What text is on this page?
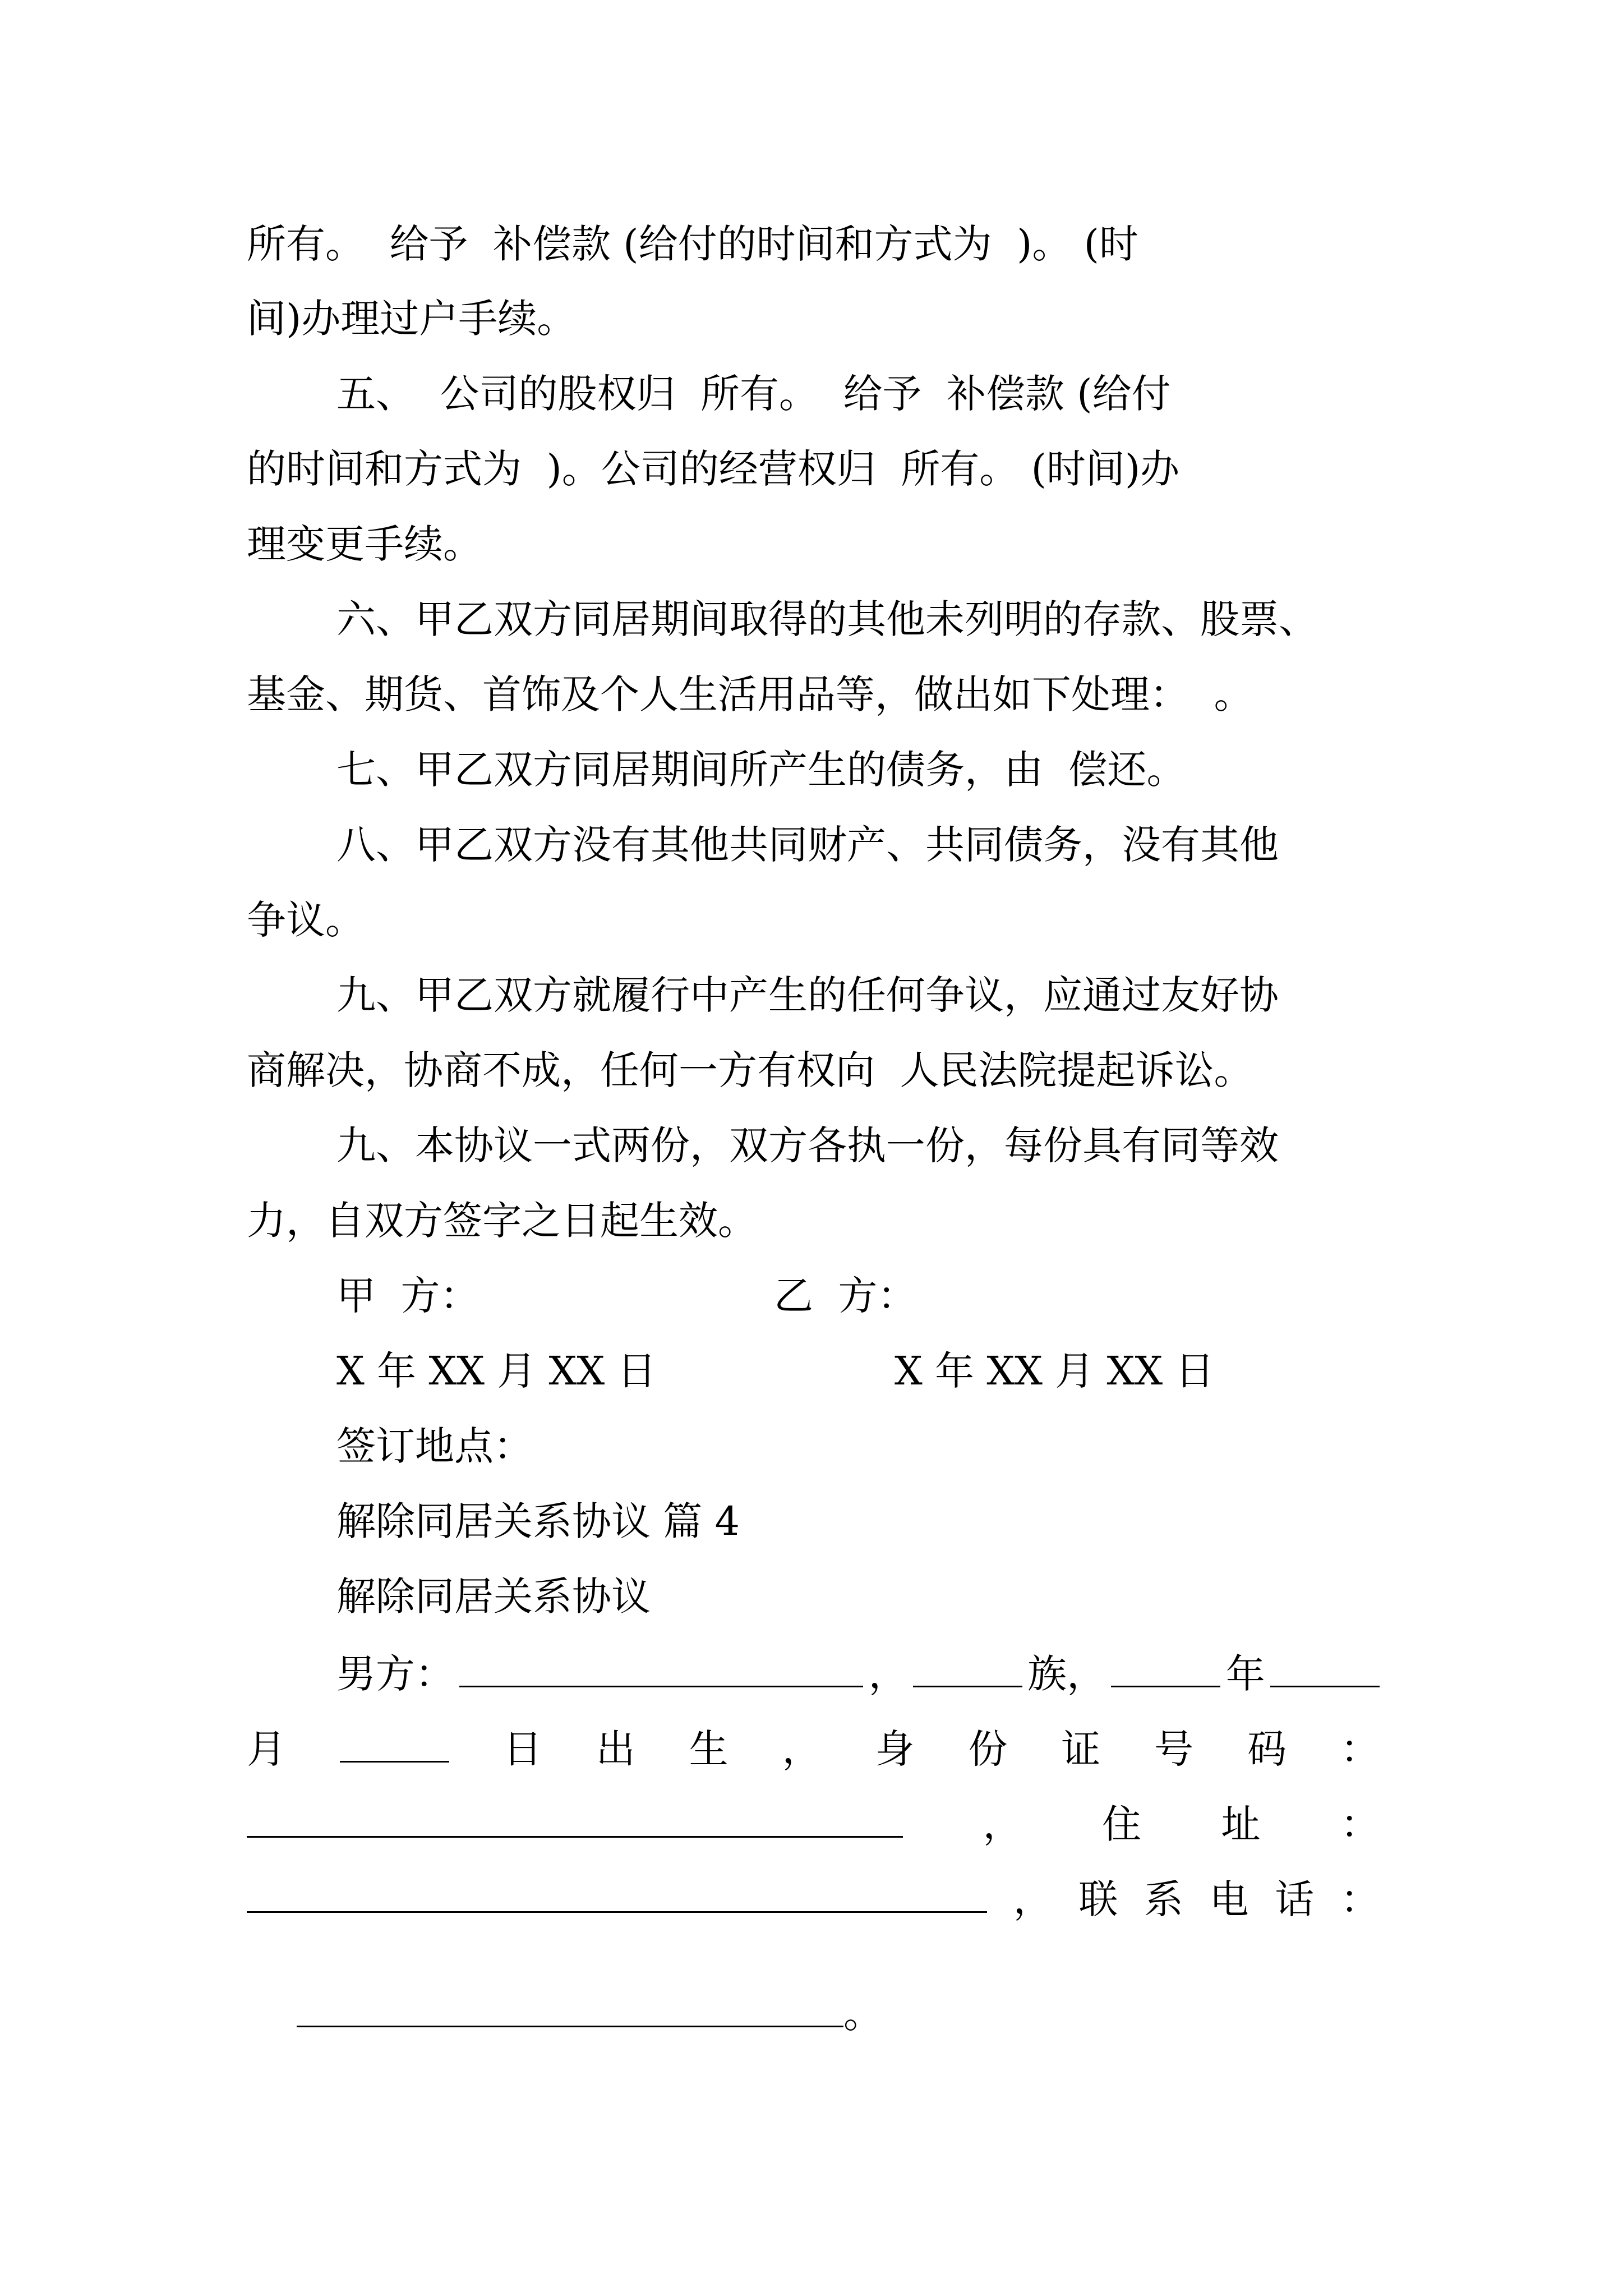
所有。  给予  补偿款 (给付的时间和方式为  )。 (时
间)办理过户手续。
五、  公司的股权归  所有。  给予  补偿款 (给付
的时间和方式为  )。公司的经营权归  所有。 (时间)办
理变更手续。
六、甲乙双方同居期间取得的其他未列明的存款、股票、
基金、期货、首饰及个人生活用品等，做出如下处理：  。
七、甲乙双方同居期间所产生的债务，由  偿还。
八、甲乙双方没有其他共同财产、共同债务，没有其他
争议。
九、甲乙双方就履行中产生的任何争议，应通过友好协
商解决，协商不成，任何一方有权向  人民法院提起诉讼。
九、本协议一式两份，双方各执一份，每份具有同等效
力，自双方签字之日起生效。
甲  方：	乙  方：
X 年 XX 月 XX 日	X 年 XX 月 XX 日
签订地点：
解除同居关系协议 篇 4
解除同居关系协议
男方：	，	族，	年
月	日 出 生 ， 身 份 证 号 码 ：
， 住 址 ：
， 联 系 电 话 ：

。
